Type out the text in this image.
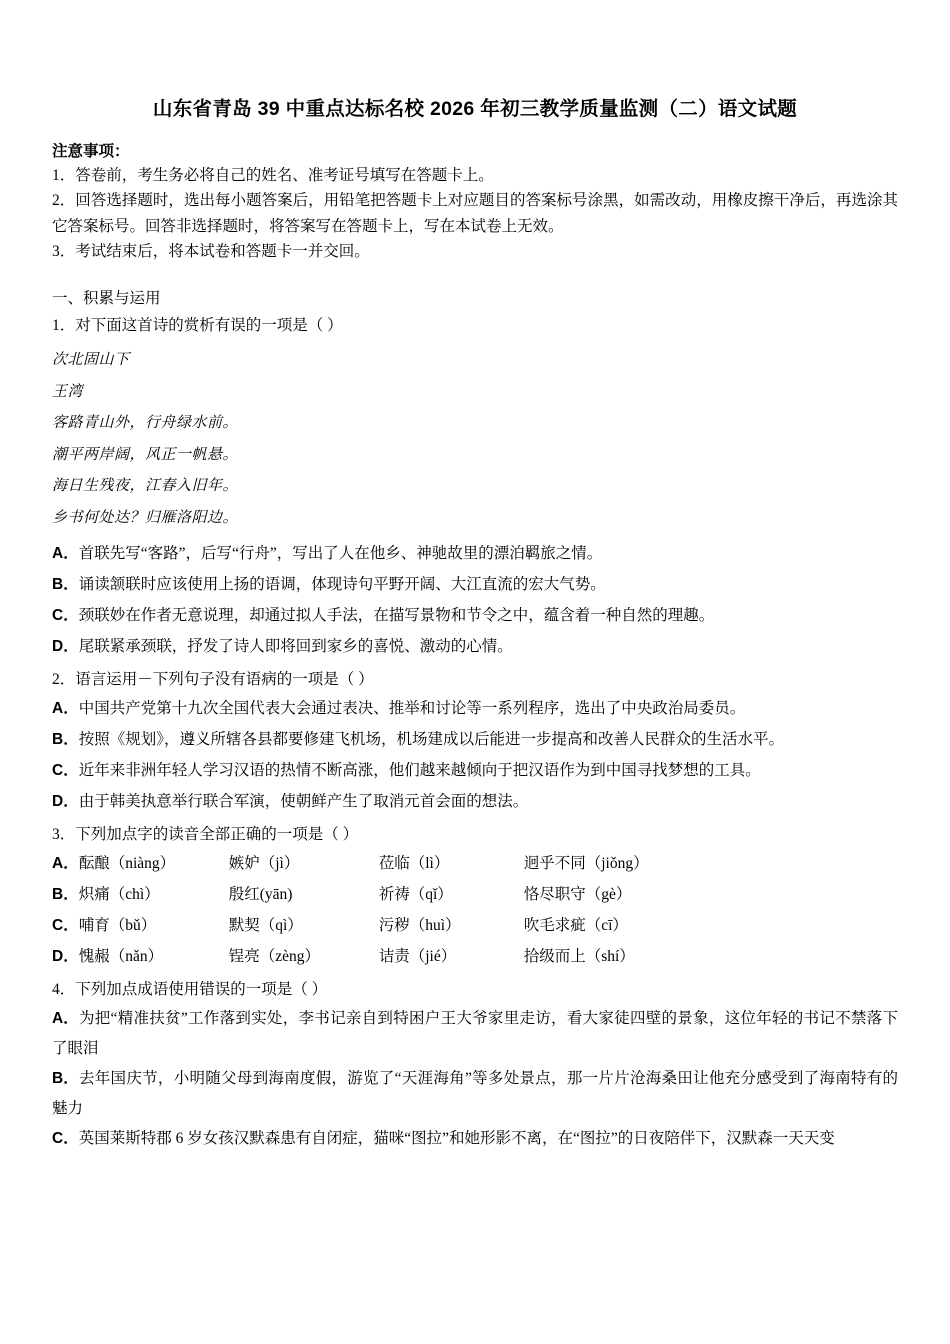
山东省青岛 39 中重点达标名校 2026 年初三教学质量监测（二）语文试题
注意事项：

1．答卷前，考生务必将自己的姓名、准考证号填写在答题卡上。

2．回答选择题时，选出每小题答案后，用铅笔把答题卡上对应题目的答案标号涂黑，如需改动，用橡皮擦干净后，再选涂其它答案标号。回答非选择题时，将答案写在答题卡上，写在本试卷上无效。

3．考试结束后，将本试卷和答题卡一并交回。

一、积累与运用

1．对下面这首诗的赏析有误的一项是（ ）

次北固山下

王湾

客路青山外，行舟绿水前。

潮平两岸阔，风正一帆悬。

海日生残夜，江春入旧年。

乡书何处达？归雁洛阳边。

A．首联先写“客路”，后写“行舟”，写出了人在他乡、神驰故里的漂泊羁旅之情。

B．诵读颔联时应该使用上扬的语调，体现诗句平野开阔、大江直流的宏大气势。

C．颈联妙在作者无意说理，却通过拟人手法，在描写景物和节令之中，蕴含着一种自然的理趣。

D．尾联紧承颈联，抒发了诗人即将回到家乡的喜悦、激动的心情。

2．语言运用－下列句子没有语病的一项是（ ）

A．中国共产党第十九次全国代表大会通过表决、推举和讨论等一系列程序，选出了中央政治局委员。

B．按照《规划》，遵义所辖各县都要修建飞机场，机场建成以后能进一步提高和改善人民群众的生活水平。

C．近年来非洲年轻人学习汉语的热情不断高涨，他们越来越倾向于把汉语作为到中国寻找梦想的工具。

D．由于韩美执意举行联合军演，使朝鲜产生了取消元首会面的想法。

3．下列加点字的读音全部正确的一项是（ ）

A．酝酿（niàng）	嫉妒（jì）	莅临（lì）	迥乎不同（jiǒng）

B．炽痛（chì）	殷红(yān)	祈祷（qǐ）	恪尽职守（gè）

C．哺育（bǔ）	默契（qì）	污秽（huì）	吹毛求疵（cī）

D．愧赧（nǎn）	锃亮（zèng）	诘责（jié）	拾级而上（shí）

4．下列加点成语使用错误的一项是（ ）

A．为把“精准扶贫”工作落到实处，李书记亲自到特困户王大爷家里走访，看大家徒四壁的景象，这位年轻的书记不禁落下了眼泪

B．去年国庆节，小明随父母到海南度假，游览了“天涯海角”等多处景点，那一片片沧海桑田让他充分感受到了海南特有的魅力

C．英国莱斯特郡 6 岁女孩汉默森患有自闭症，猫咪“图拉”和她形影不离，在“图拉”的日夜陪伴下，汉默森一天天变
